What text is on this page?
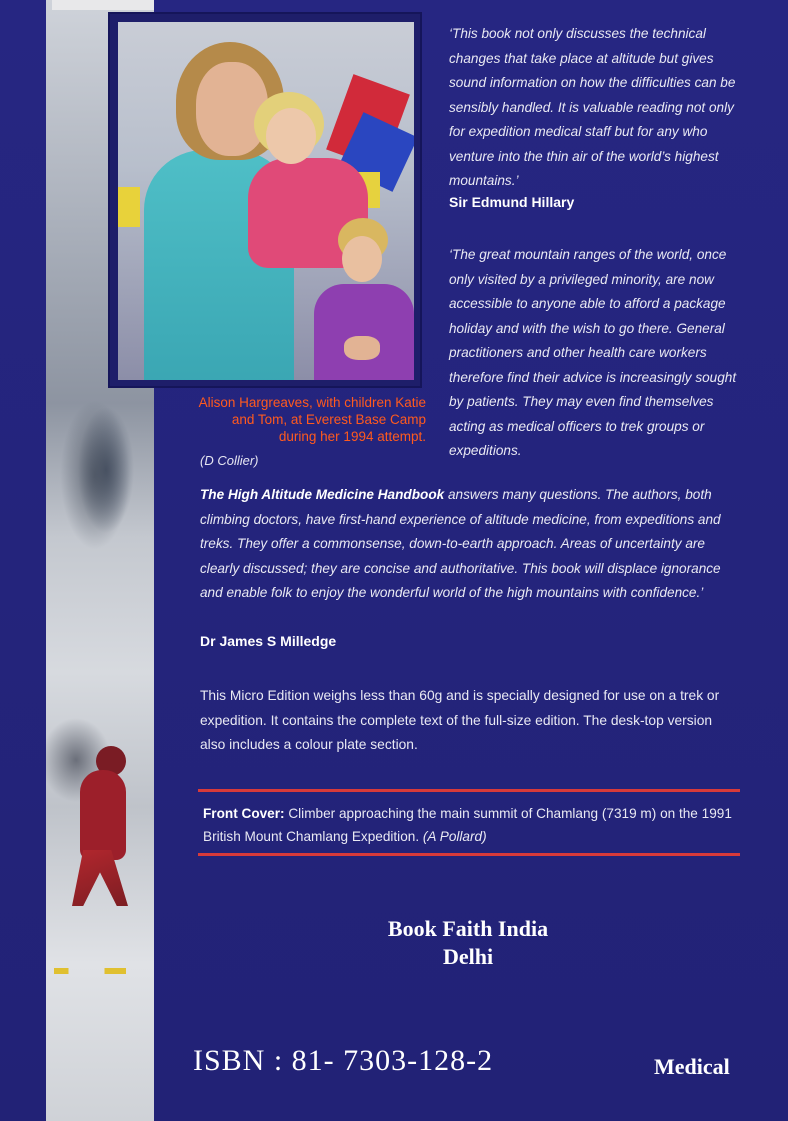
Alison Hargreaves, with children Katie and Tom, at Everest Base Camp during her 1994 attempt.
(D Collier)
‘This book not only discusses the technical changes that take place at altitude but gives sound information on how the difficulties can be sensibly handled. It is valuable reading not only for expedition medical staff but for any who venture into the thin air of the world’s highest mountains.’
Sir Edmund Hillary
‘The great mountain ranges of the world, once only visited by a privileged minority, are now accessible to anyone able to afford a package holiday and with the wish to go there. General practitioners and other health care workers therefore find their advice is increasingly sought by patients. They may even find themselves acting as medical officers to trek groups or expeditions.
The High Altitude Medicine Handbook answers many questions. The authors, both climbing doctors, have first-hand experience of altitude medicine, from expeditions and treks. They offer a commonsense, down-to-earth approach. Areas of uncertainty are clearly discussed; they are concise and authoritative. This book will displace ignorance and enable folk to enjoy the wonderful world of the high mountains with confidence.’
Dr James S Milledge
This Micro Edition weighs less than 60g and is specially designed for use on a trek or expedition. It contains the complete text of the full-size edition. The desk-top version also includes a colour plate section.
Front Cover: Climber approaching the main summit of Chamlang (7319 m) on the 1991 British Mount Chamlang Expedition. (A Pollard)
Book Faith India
Delhi
ISBN : 81- 7303-128-2	Medical
